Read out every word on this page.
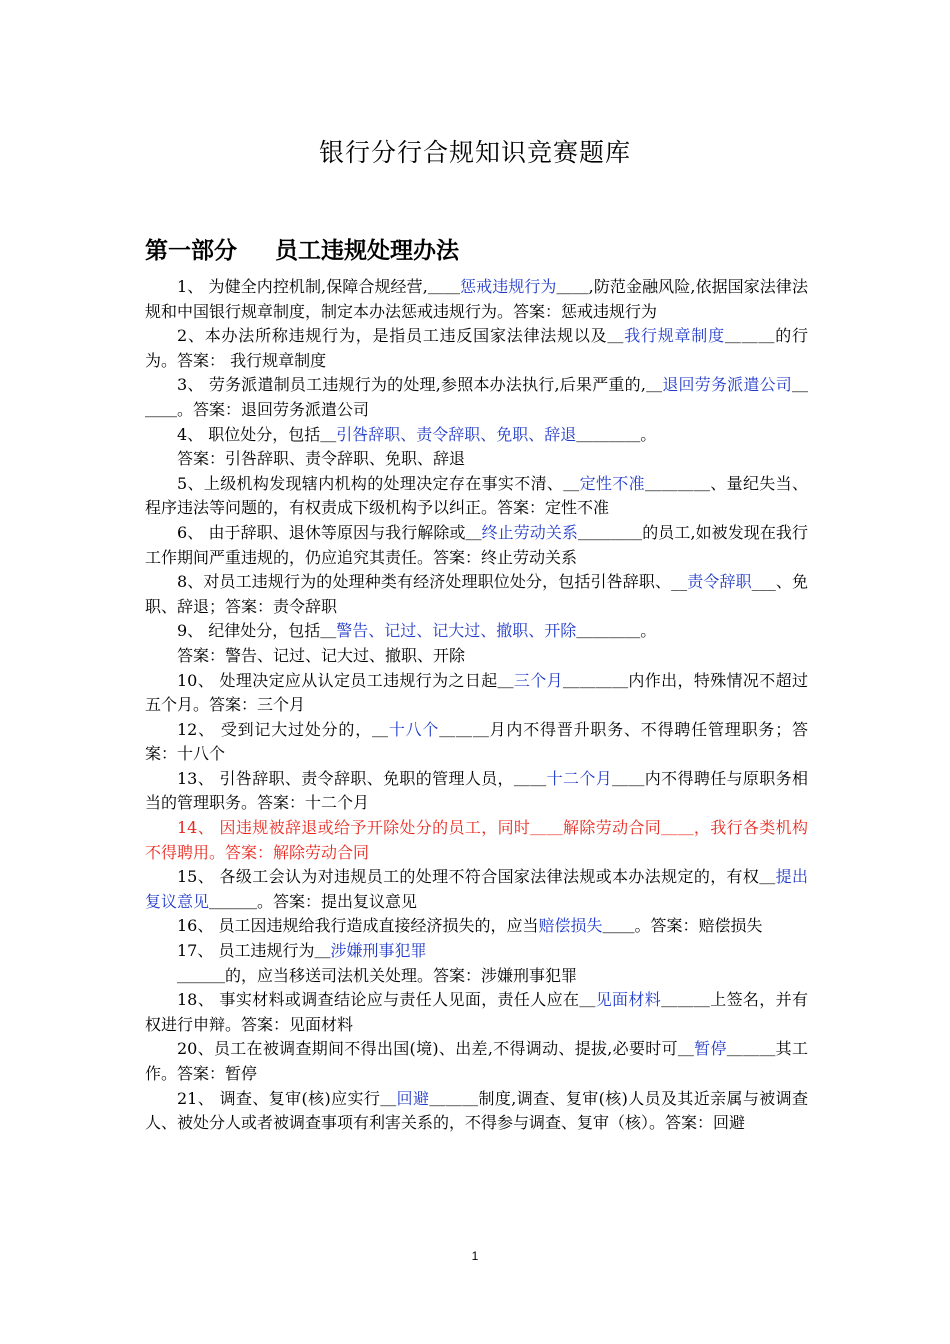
银行分行合规知识竞赛题库
第一部分 员工违规处理办法

1、 为健全内控机制,保障合规经营,＿＿惩戒违规行为＿＿,防范金融风险,依据国家法律法规和中国银行规章制度，制定本办法惩戒违规行为。答案：惩戒违规行为

2、本办法所称违规行为，是指员工违反国家法律法规以及＿我行规章制度＿＿＿的行为。答案： 我行规章制度

3、 劳务派遣制员工违规行为的处理,参照本办法执行,后果严重的,＿退回劳务派遣公司＿＿＿。答案：退回劳务派遣公司

4、 职位处分，包括＿引咎辞职、责令辞职、免职、辞退＿＿＿＿。

答案：引咎辞职、责令辞职、免职、辞退

5、上级机构发现辖内机构的处理决定存在事实不清、＿定性不准＿＿＿＿、量纪失当、程序违法等问题的，有权责成下级机构予以纠正。答案：定性不准

6、 由于辞职、退休等原因与我行解除或＿终止劳动关系＿＿＿＿的员工,如被发现在我行工作期间严重违规的，仍应追究其责任。答案：终止劳动关系

8、对员工违规行为的处理种类有经济处理职位处分，包括引咎辞职、__责令辞职___、免职、辞退；答案：责令辞职

9、 纪律处分，包括＿警告、记过、记大过、撤职、开除＿＿＿＿。

答案：警告、记过、记大过、撤职、开除

10、 处理决定应从认定员工违规行为之日起＿三个月＿＿＿＿内作出，特殊情况不超过五个月。答案：三个月

12、 受到记大过处分的，＿十八个＿＿＿月内不得晋升职务、不得聘任管理职务；答案：十八个

13、 引咎辞职、责令辞职、免职的管理人员，＿＿十二个月＿＿内不得聘任与原职务相当的管理职务。答案：十二个月

14、 因违规被辞退或给予开除处分的员工，同时＿＿解除劳动合同＿＿，我行各类机构不得聘用。答案：解除劳动合同

15、 各级工会认为对违规员工的处理不符合国家法律法规或本办法规定的，有权＿提出复议意见＿＿＿。答案：提出复议意见

16、 员工因违规给我行造成直接经济损失的，应当赔偿损失＿＿。答案：赔偿损失

17、 员工违规行为＿涉嫌刑事犯罪

＿＿＿的，应当移送司法机关处理。答案：涉嫌刑事犯罪

18、 事实材料或调查结论应与责任人见面，责任人应在＿见面材料＿＿＿上签名，并有权进行申辩。答案：见面材料

20、员工在被调查期间不得出国(境)、出差,不得调动、提拔,必要时可＿暂停＿＿＿其工作。答案：暂停

21、 调查、复审(核)应实行＿回避＿＿＿制度,调查、复审(核)人员及其近亲属与被调查人、被处分人或者被调查事项有利害关系的，不得参与调查、复审（核）。答案：回避

1
